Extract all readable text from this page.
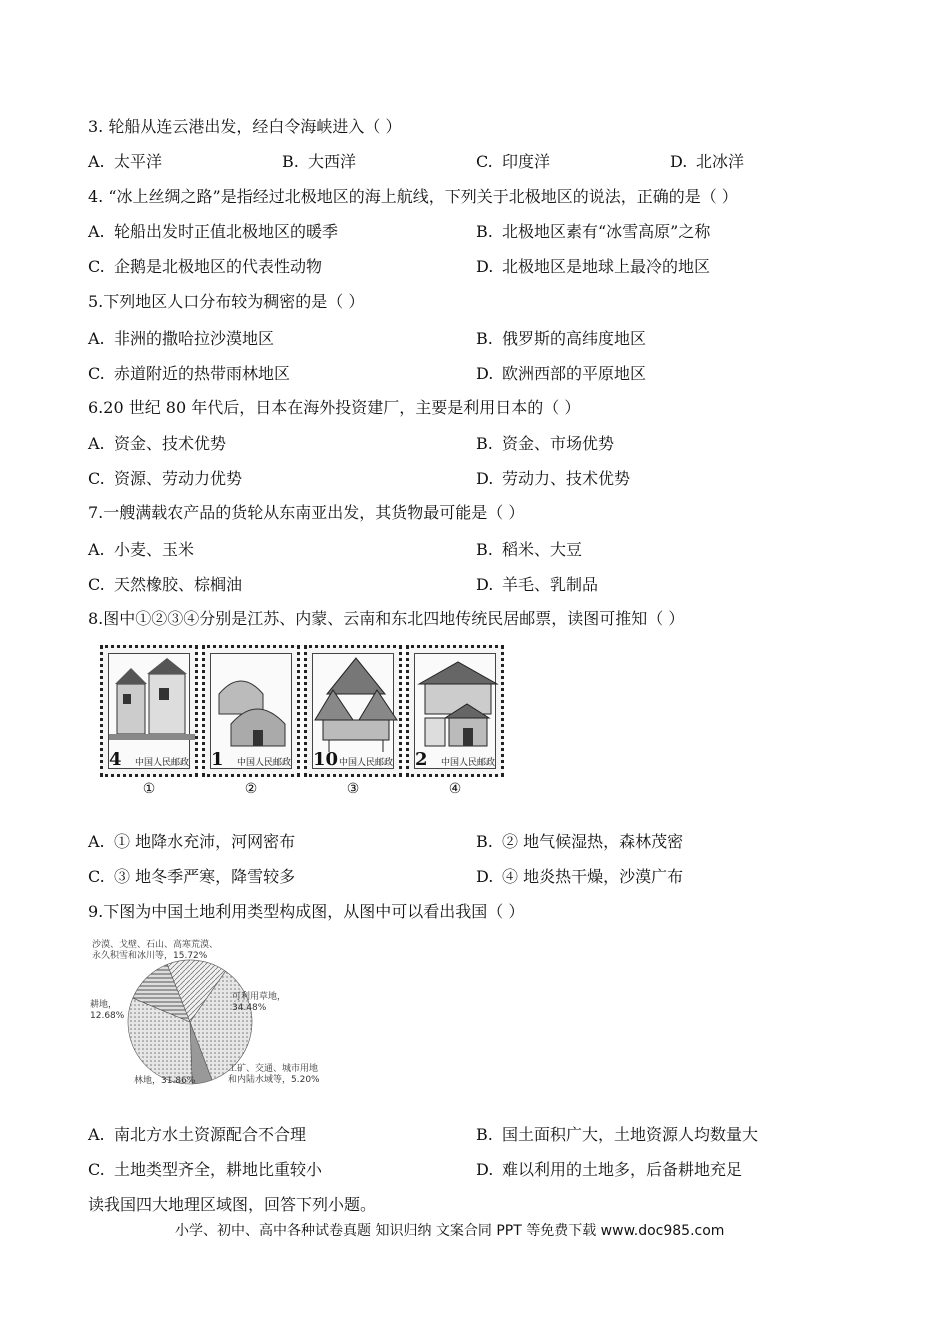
3. 轮船从连云港出发，经白令海峡进入（ ）
A. 太平洋	B. 大西洋	C. 印度洋	D. 北冰洋
4. “冰上丝绸之路”是指经过北极地区的海上航线，下列关于北极地区的说法，正确的是（ ）
A. 轮船出发时正值北极地区的暖季	B. 北极地区素有“冰雪高原”之称
C. 企鹅是北极地区的代表性动物	D. 北极地区是地球上最冷的地区
5.下列地区人口分布较为稠密的是（ ）
A. 非洲的撒哈拉沙漠地区	B. 俄罗斯的高纬度地区
C. 赤道附近的热带雨林地区	D. 欧洲西部的平原地区
6.20 世纪 80 年代后，日本在海外投资建厂，主要是利用日本的（ ）
A. 资金、技术优势	B. 资金、市场优势
C. 资源、劳动力优势	D. 劳动力、技术优势
7.一艘满载农产品的货轮从东南亚出发，其货物最可能是（ ）
A. 小麦、玉米	B. 稻米、大豆
C. 天然橡胶、棕榈油	D. 羊毛、乳制品
8.图中①②③④分别是江苏、内蒙、云南和东北四地传统民居邮票，读图可推知（ ）
4 中国人民邮政 1 中国人民邮政 10 中国人民邮政 2 中国人民邮政
①	②	③	④
A. ① 地降水充沛，河网密布	B. ② 地气候湿热，森林茂密
C. ③ 地冬季严寒，降雪较多	D. ④ 地炎热干燥，沙漠广布
9.下图为中国土地利用类型构成图，从图中可以看出我国（ ）
沙漠、戈壁、石山、高寒荒漠、
永久积雪和冰川等，15.72%
可利用草地，
34.48%
耕地，
12.68%
林地，31.86%
工矿、交通、城市用地
和内陆水域等，5.20%
A. 南北方水土资源配合不合理	B. 国土面积广大，土地资源人均数量大
C. 土地类型齐全，耕地比重较小	D. 难以利用的土地多，后备耕地充足
读我国四大地理区域图，回答下列小题。
小学、初中、高中各种试卷真题 知识归纳 文案合同 PPT 等免费下载 www.doc985.com
